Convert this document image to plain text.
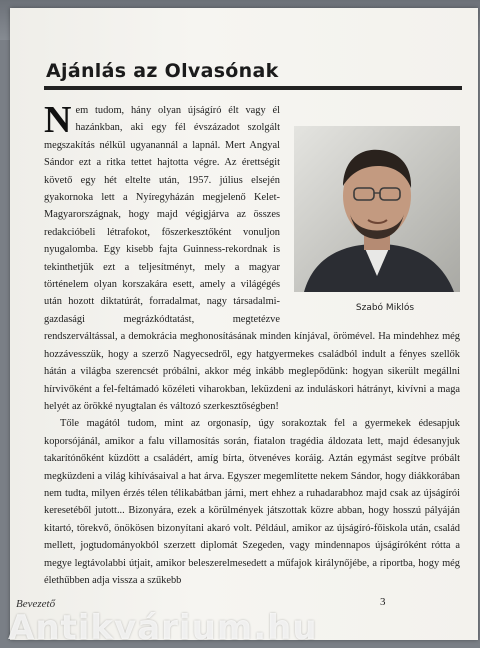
Ajánlás az Olvasónak
Szabó Miklós

Nem tudom, hány olyan újságíró élt vagy él hazánkban, aki egy fél évszázadot szolgált megszakítás nélkül ugyanannál a lapnál. Mert Angyal Sándor ezt a ritka tettet hajtotta végre. Az érettségit követő egy hét eltelte után, 1957. július elsején gyakornoka lett a Nyíregyházán megjelenő Kelet-Magyarországnak, hogy majd végigjárva az összes redakcióbeli létrafokot, főszerkesztőként vonuljon nyugalomba. Egy kisebb fajta Guinness-rekordnak is tekinthetjük ezt a teljesítményt, mely a magyar történelem olyan korszakára esett, amely a világégés után hozott diktatúrát, forradalmat, nagy társadalmi-gazdasági megrázkódtatást, megtetézve rendszerváltással, a demokrácia meghonosításának minden kínjával, örömével. Ha mindehhez még hozzávesszük, hogy a szerző Nagyecsedről, egy hatgyermekes családból indult a fényes szellők hátán a világba szerencsét próbálni, akkor még inkább meglepődünk: hogyan sikerült megállni hírvivőként a fel-feltámadó közéleti viharokban, leküzdeni az induláskori hátrányt, kivívni a maga helyét az örökké nyugtalan és változó szerkesztőségben!

Tőle magától tudom, mint az orgonasíp, úgy sorakoztak fel a gyermekek édesapjuk koporsójánál, amikor a falu villamosítás során, fiatalon tragédia áldozata lett, majd édesanyjuk takarítónőként küzdött a családért, amíg bírta, ötvenéves koráig. Aztán egymást segítve próbált megküzdeni a világ kihívásaival a hat árva. Egyszer megemlítette nekem Sándor, hogy diákkorában nem tudta, milyen érzés télen télikabátban járni, mert ehhez a ruhadarabhoz majd csak az újságírói keresetéből jutott... Bizonyára, ezek a körülmények játszottak közre abban, hogy hosszú pályáján kitartó, törekvő, önökösen bizonyítani akaró volt. Például, amikor az újságíró-főiskola után, család mellett, jogtudományokból szerzett diplomát Szegeden, vagy mindennapos újságíróként rótta a megye legtávolabbi útjait, amikor beleszerelmesedett a műfajok királynőjébe, a riportba, hogy még élethűbben adja vissza a szűkebb

Bevezető	3
Antikvárium.hu
